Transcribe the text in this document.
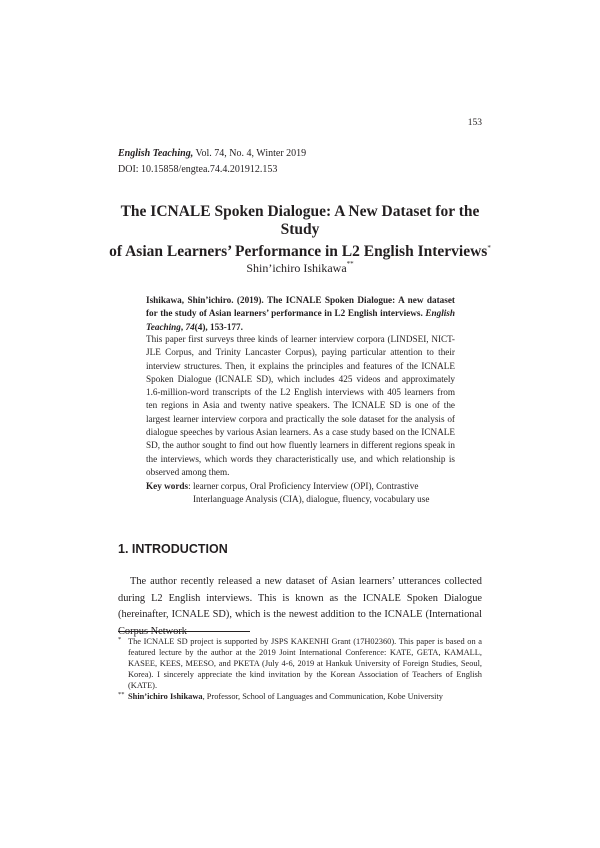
153
English Teaching, Vol. 74, No. 4, Winter 2019
DOI: 10.15858/engtea.74.4.201912.153
The ICNALE Spoken Dialogue: A New Dataset for the Study
of Asian Learners’ Performance in L2 English Interviews*
Shin’ichiro Ishikawa**
Ishikawa, Shin’ichiro. (2019). The ICNALE Spoken Dialogue: A new dataset for the study of Asian learners’ performance in L2 English interviews. English Teaching, 74(4), 153-177.
This paper first surveys three kinds of learner interview corpora (LINDSEI, NICT-JLE Corpus, and Trinity Lancaster Corpus), paying particular attention to their interview structures. Then, it explains the principles and features of the ICNALE Spoken Dialogue (ICNALE SD), which includes 425 videos and approximately 1.6-million-word transcripts of the L2 English interviews with 405 learners from ten regions in Asia and twenty native speakers. The ICNALE SD is one of the largest learner interview corpora and practically the sole dataset for the analysis of dialogue speeches by various Asian learners. As a case study based on the ICNALE SD, the author sought to find out how fluently learners in different regions speak in the interviews, which words they characteristically use, and which relationship is observed among them.
Key words: learner corpus, Oral Proficiency Interview (OPI), Contrastive
Interlanguage Analysis (CIA), dialogue, fluency, vocabulary use
1. INTRODUCTION
The author recently released a new dataset of Asian learners’ utterances collected during L2 English interviews. This is known as the ICNALE Spoken Dialogue (hereinafter, ICNALE SD), which is the newest addition to the ICNALE (International Corpus Network
* The ICNALE SD project is supported by JSPS KAKENHI Grant (17H02360). This paper is based on a featured lecture by the author at the 2019 Joint International Conference: KATE, GETA, KAMALL, KASEE, KEES, MEESO, and PKETA (July 4-6, 2019 at Hankuk University of Foreign Studies, Seoul, Korea). I sincerely appreciate the kind invitation by the Korean Association of Teachers of English (KATE).
** Shin’ichiro Ishikawa, Professor, School of Languages and Communication, Kobe University
